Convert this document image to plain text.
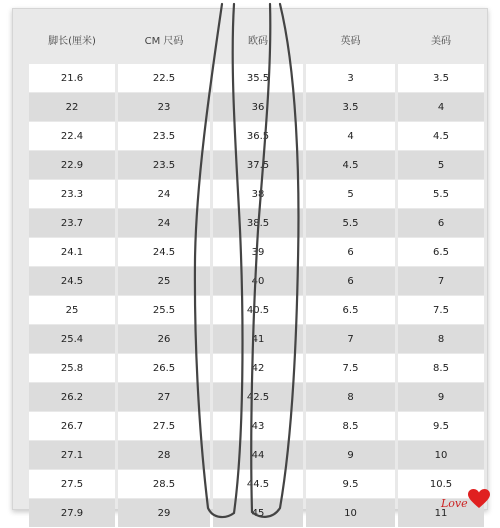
脚长(厘米)	CM 尺码	欧码	英码	美码
21.6	22.5	35.5	3	3.5
22	23	36	3.5	4
22.4	23.5	36.5	4	4.5
22.9	23.5	37.5	4.5	5
23.3	24	38	5	5.5
23.7	24	38.5	5.5	6
24.1	24.5	39	6	6.5
24.5	25	40	6	7
25	25.5	40.5	6.5	7.5
25.4	26	41	7	8
25.8	26.5	42	7.5	8.5
26.2	27	42.5	8	9
26.7	27.5	43	8.5	9.5
27.1	28	44	9	10
27.5	28.5	44.5	9.5	10.5
27.9	29	45	10	11
Love
